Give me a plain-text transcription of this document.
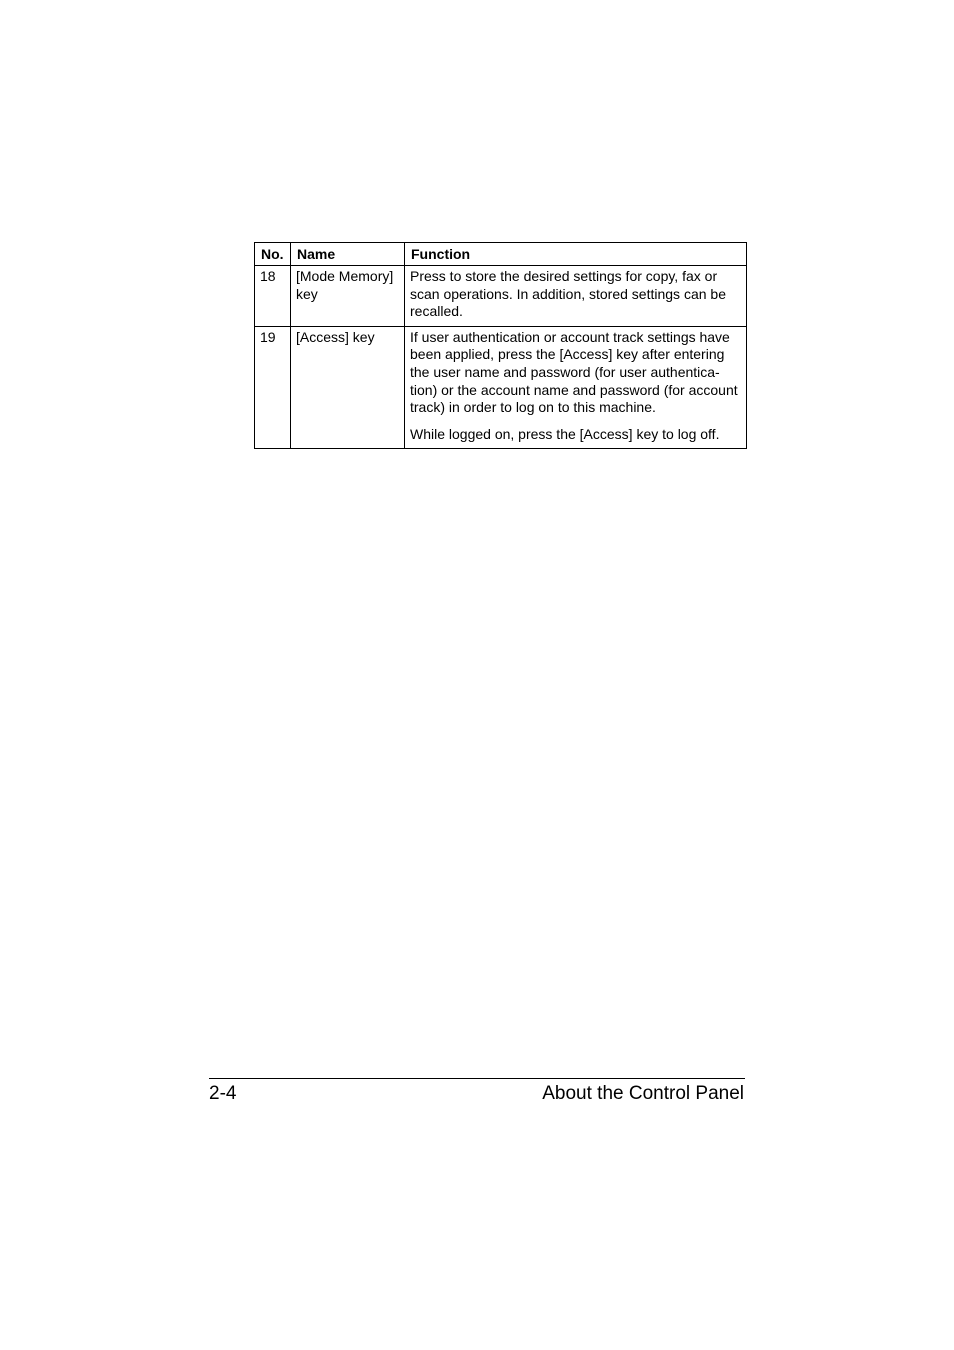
No.	Name	Function
18	[Mode Memory] key	Press to store the desired settings for copy, fax or scan operations. In addition, stored settings can be recalled.

19	[Access] key	If user authentication or account track settings have been applied, press the [Access] key after entering the user name and password (for user authentica-tion) or the account name and password (for account track) in order to log on to this machine.

While logged on, press the [Access] key to log off.

2-4	About the Control Panel
